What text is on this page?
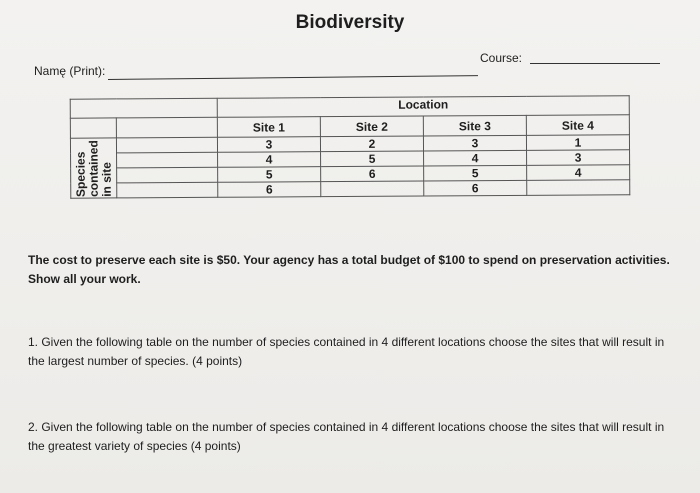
Biodiversity
Namę (Print):
Course:
		Location			
		Site 1	Site 2	Site 3	Site 4

Species
contained
in site		3	2	3	1
		4	5	4	3
		5	6	5	4
		6		6	
The cost to preserve each site is $50. Your agency has a total budget of $100 to spend on preservation activities. Show all your work.
1. Given the following table on the number of species contained in 4 different locations choose the sites that will result in the largest number of species. (4 points)
2. Given the following table on the number of species contained in 4 different locations choose the sites that will result in the greatest variety of species (4 points)
